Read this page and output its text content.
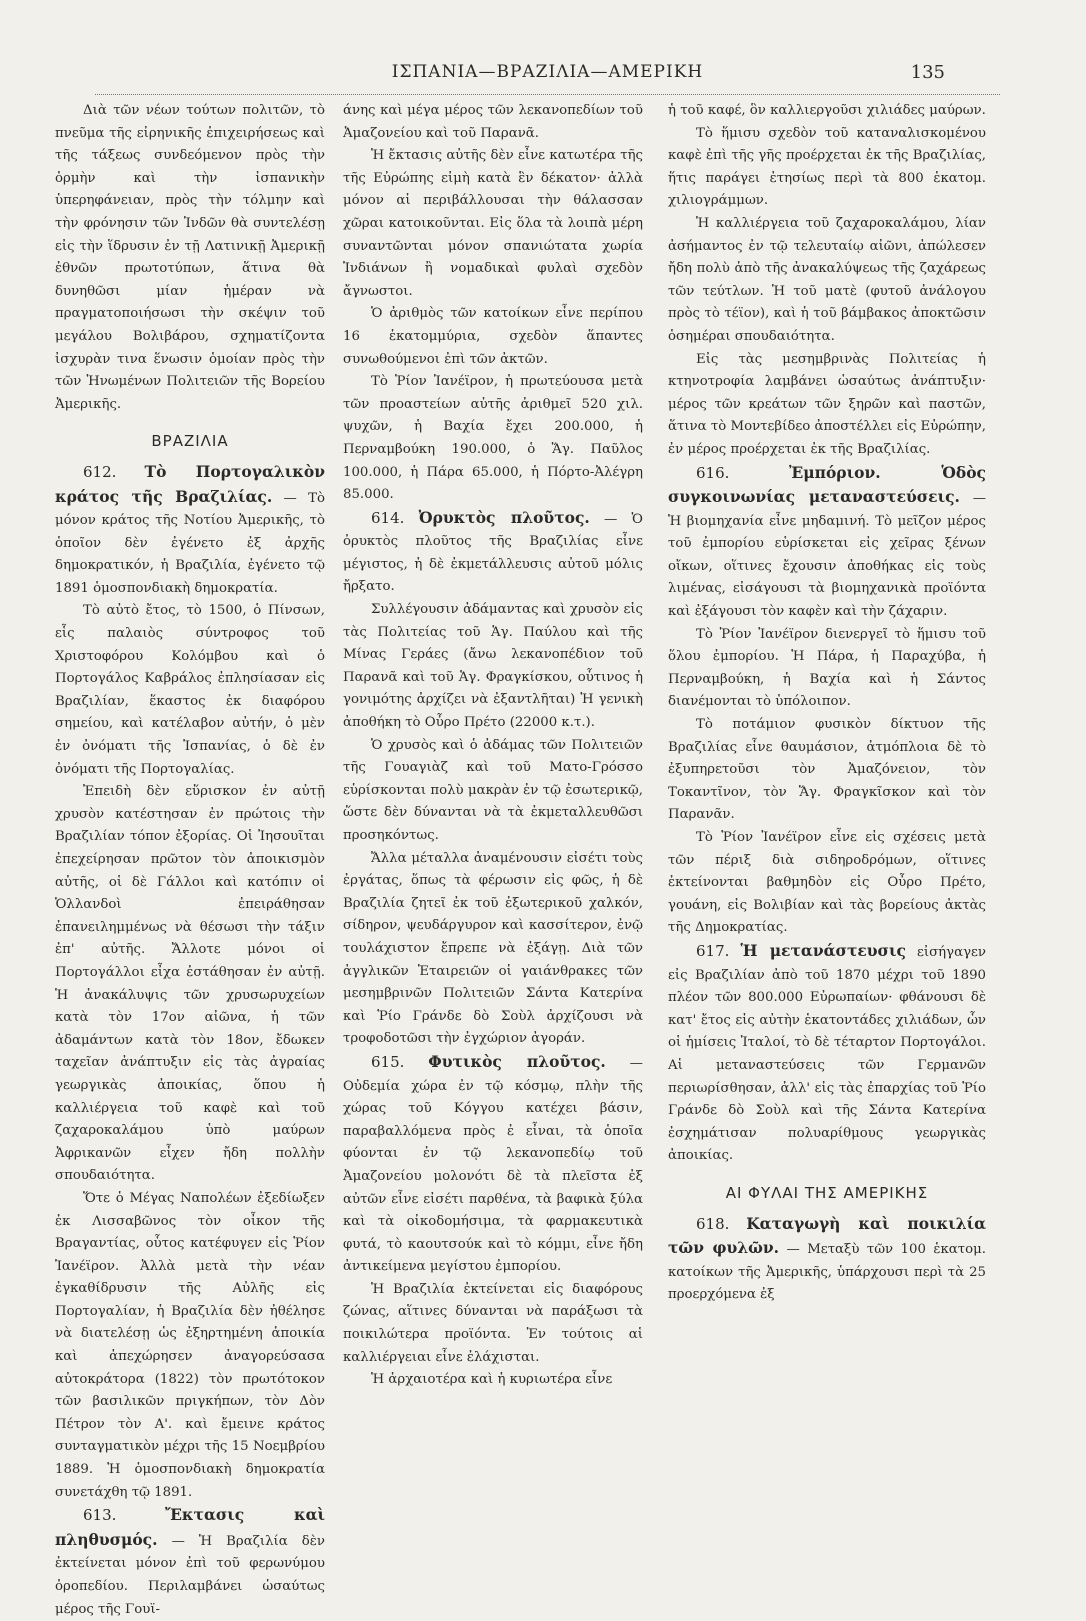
ΙΣΠΑΝΙΑ—ΒΡΑΖΙΛΙΑ—ΑΜΕΡΙΚΗ	135

Διὰ τῶν νέων τούτων πολιτῶν, τὸ πνεῦμα τῆς εἰρηνικῆς ἐπιχειρήσεως καὶ τῆς τάξεως συνδεόμενον πρὸς τὴν ὁρμὴν καὶ τὴν ἰσπανικὴν ὑπερηφάνειαν, πρὸς τὴν τόλμην καὶ τὴν φρόνησιν τῶν Ἰνδῶν θὰ συντελέσῃ εἰς τὴν ἵδρυσιν ἐν τῇ Λατινικῇ Ἀμερικῇ ἐθνῶν πρωτοτύπων, ἅτινα θὰ δυνηθῶσι μίαν ἡμέραν νὰ πραγματοποιήσωσι τὴν σκέψιν τοῦ μεγάλου Βολιβάρου, σχηματίζοντα ἰσχυρὰν τινα ἕνωσιν ὁμοίαν πρὸς τὴν τῶν Ἡνωμένων Πολιτειῶν τῆς Βορείου Ἀμερικῆς.

ΒΡΑΖΙΛΙΑ

612. Τὸ Πορτογαλικὸν κράτος τῆς Βραζιλίας. — Τὸ μόνον κράτος τῆς Νοτίου Ἀμερικῆς, τὸ ὁποῖον δὲν ἐγένετο ἐξ ἀρχῆς δημοκρατικόν, ἡ Βραζιλία, ἐγένετο τῷ 1891 ὁμοσπονδιακὴ δημοκρατία.

Τὸ αὐτὸ ἔτος, τὸ 1500, ὁ Πίνσων, εἷς παλαιὸς σύντροφος τοῦ Χριστοφόρου Κολόμβου καὶ ὁ Πορτογάλος Καβράλος ἐπλησίασαν εἰς Βραζιλίαν, ἕκαστος ἐκ διαφόρου σημείου, καὶ κατέλαβον αὐτήν, ὁ μὲν ἐν ὀνόματι τῆς Ἰσπανίας, ὁ δὲ ἐν ὀνόματι τῆς Πορτογαλίας.

Ἐπειδὴ δὲν εὕρισκον ἐν αὐτῇ χρυσὸν κατέστησαν ἐν πρώτοις τὴν Βραζιλίαν τόπον ἐξορίας. Οἱ Ἰησουῖται ἐπεχείρησαν πρῶτον τὸν ἀποικισμὸν αὐτῆς, οἱ δὲ Γάλλοι καὶ κατόπιν οἱ Ὁλλανδοὶ ἐπειράθησαν ἐπανειλημμένως νὰ θέσωσι τὴν τάξιν ἐπ' αὐτῆς. Ἄλλοτε μόνοι οἱ Πορτογάλλοι εἶχα ἐστάθησαν ἐν αὐτῇ. Ἡ ἀνακάλυψις τῶν χρυσωρυχείων κατὰ τὸν 17ον αἰῶνα, ἡ τῶν ἀδαμάντων κατὰ τὸν 18ον, ἔδωκεν ταχεῖαν ἀνάπτυξιν εἰς τὰς ἀγραίας γεωργικὰς ἀποικίας, ὅπου ἡ καλλιέργεια τοῦ καφὲ καὶ τοῦ ζαχαροκαλάμου ὑπὸ μαύρων Ἀφρικανῶν εἶχεν ἤδη πολλὴν σπουδαιότητα.

Ὅτε ὁ Μέγας Ναπολέων ἐξεδίωξεν ἐκ Λισσαβῶνος τὸν οἶκον τῆς Βραγαντίας, οὗτος κατέφυγεν εἰς Ῥίον Ἰανέϊρον. Ἀλλὰ μετὰ τὴν νέαν ἐγκαθίδρυσιν τῆς Αὐλῆς εἰς Πορτογαλίαν, ἡ Βραζιλία δὲν ἠθέλησε νὰ διατελέσῃ ὡς ἐξηρτημένη ἀποικία καὶ ἀπεχώρησεν ἀναγορεύσασα αὐτοκράτορα (1822) τὸν πρωτότοκον τῶν βασιλικῶν πριγκήπων, τὸν Δὸν Πέτρον τὸν Α'. καὶ ἔμεινε κράτος συνταγματικὸν μέχρι τῆς 15 Νοεμβρίου 1889. Ἡ ὁμοσπονδιακὴ δημοκρατία συνετάχθη τῷ 1891.

613.	Ἔκτασις καὶ πληθυσμός. — Ἡ Βραζιλία δὲν ἐκτείνεται μόνον ἐπὶ τοῦ φερωνύμου ὀροπεδίου. Περιλαμβάνει ὡσαύτως μέρος τῆς Γουϊ-

άνης καὶ μέγα μέρος τῶν λεκανοπεδίων τοῦ Ἀμαζονείου καὶ τοῦ Παρανᾶ.

Ἡ ἔκτασις αὐτῆς δὲν εἶνε κατωτέρα τῆς τῆς Εὐρώπης εἰμὴ κατὰ ἓν δέκατον· ἀλλὰ μόνον αἱ περιβάλλουσαι τὴν θάλασσαν χῶραι κατοικοῦνται. Εἰς ὅλα τὰ λοιπὰ μέρη συναντῶνται μόνον σπανιώτατα χωρία Ἰνδιάνων ἢ νομαδικαὶ φυλαὶ σχεδὸν ἄγνωστοι.

Ὁ ἀριθμὸς τῶν κατοίκων εἶνε περίπου 16 ἑκατομμύρια, σχεδὸν ἅπαντες συνωθούμενοι ἐπὶ τῶν ἀκτῶν.

Τὸ Ῥίον Ἰανέϊρον, ἡ πρωτεύουσα μετὰ τῶν προαστείων αὐτῆς ἀριθμεῖ 520 χιλ. ψυχῶν, ἡ Βαχία ἔχει 200.000, ἡ Περναμβούκη 190.000, ὁ Ἅγ. Παῦλος 100.000, ἡ Πάρα 65.000, ἡ Πόρτο-Ἀλέγρη 85.000.

614. Ὀρυκτὸς πλοῦτος. — Ὁ ὀρυκτὸς πλοῦτος τῆς Βραζιλίας εἶνε μέγιστος, ἡ δὲ ἐκμετάλλευσις αὐτοῦ μόλις ἤρξατο.

Συλλέγουσιν ἀδάμαντας καὶ χρυσὸν εἰς τὰς Πολιτείας τοῦ Ἁγ. Παύλου καὶ τῆς Μίνας Γεράες (ἄνω λεκανοπέδιον τοῦ Παρανᾶ καὶ τοῦ Ἁγ. Φραγκίσκου, οὗτινος ἡ γονιμότης ἀρχίζει νὰ ἐξαντλῆται) Ἡ γενικὴ ἀποθήκη τὸ Οὖρο Πρέτο (22000 κ.τ.).

Ὁ χρυσὸς καὶ ὁ ἀδάμας τῶν Πολιτειῶν τῆς Γουαγιὰζ καὶ τοῦ Ματο-Γρόσσο εὑρίσκονται πολὺ μακρὰν ἐν τῷ ἐσωτερικῷ, ὥστε δὲν δύνανται νὰ τὰ ἐκμεταλλευθῶσι προσηκόντως.

Ἄλλα μέταλλα ἀναμένουσιν εἰσέτι τοὺς ἐργάτας, ὅπως τὰ φέρωσιν εἰς φῶς, ἡ δὲ Βραζιλία ζητεῖ ἐκ τοῦ ἐξωτερικοῦ χαλκόν, σίδηρον, ψευδάργυρον καὶ κασσίτερον, ἐνῷ τουλάχιστον ἔπρεπε νὰ ἐξάγῃ. Διὰ τῶν ἀγγλικῶν Ἑταιρειῶν οἱ γαιάνθρακες τῶν μεσημβρινῶν Πολιτειῶν Σάντα Κατερίνα καὶ Ῥίο Γράνδε δὸ Σοὺλ ἀρχίζουσι νὰ τροφοδοτῶσι τὴν ἐγχώριον ἀγοράν.

615. Φυτικὸς πλοῦτος. — Οὐδεμία χώρα ἐν τῷ κόσμῳ, πλὴν τῆς χώρας τοῦ Κόγγου κατέχει βάσιν, παραβαλλόμενα πρὸς ἐ εἶναι, τὰ ὁποῖα φύονται ἐν τῷ λεκανοπεδίῳ τοῦ Ἀμαζονείου μολονότι δὲ τὰ πλεῖστα ἐξ αὐτῶν εἶνε εἰσέτι παρθένα, τὰ βαφικὰ ξύλα καὶ τὰ οἰκοδομήσιμα, τὰ φαρμακευτικὰ φυτά, τὸ καουτσούκ καὶ τὸ κόμμι, εἶνε ἤδη ἀντικείμενα μεγίστου ἐμπορίου.

Ἡ Βραζιλία ἐκτείνεται εἰς διαφόρους ζώνας, αἵτινες δύνανται νὰ παράξωσι τὰ ποικιλώτερα προϊόντα. Ἐν τούτοις αἱ καλλιέργειαι εἶνε ἐλάχισται.

Ἡ ἀρχαιοτέρα καὶ ἡ κυριωτέρα εἶνε

ἡ τοῦ καφέ, ὃν καλλιεργοῦσι χιλιάδες μαύρων.

Τὸ ἥμισυ σχεδὸν τοῦ καταναλισκομένου καφὲ ἐπὶ τῆς γῆς προέρχεται ἐκ τῆς Βραζιλίας, ἥτις παράγει ἐτησίως περὶ τὰ 800 ἑκατομ. χιλιογράμμων.

Ἡ καλλιέργεια τοῦ ζαχαροκαλάμου, λίαν ἀσήμαντος ἐν τῷ τελευταίῳ αἰῶνι, ἀπώλεσεν ἤδη πολὺ ἀπὸ τῆς ἀνακαλύψεως τῆς ζαχάρεως τῶν τεύτλων. Ἡ τοῦ ματὲ (φυτοῦ ἀνάλογου πρὸς τὸ τέϊον), καὶ ἡ τοῦ βάμβακος ἀποκτῶσιν ὁσημέραι σπουδαιότητα.

Εἰς τὰς μεσημβρινὰς Πολιτείας ἡ κτηνοτροφία λαμβάνει ὡσαύτως ἀνάπτυξιν· μέρος τῶν κρεάτων τῶν ξηρῶν καὶ παστῶν, ἅτινα τὸ Μοντεβίδεο ἀποστέλλει εἰς Εὐρώπην, ἐν μέρος προέρχεται ἐκ τῆς Βραζιλίας.

616.	Ἐμπόριον. Ὁδὸς συγκοινωνίας μεταναστεύσεις. — Ἡ βιομηχανία εἶνε μηδαμινή. Τὸ μεῖζον μέρος τοῦ ἐμπορίου εὑρίσκεται εἰς χεῖρας ξένων οἴκων, οἵτινες ἔχουσιν ἀποθήκας εἰς τοὺς λιμένας, εἰσάγουσι τὰ βιομηχανικὰ προϊόντα καὶ ἐξάγουσι τὸν καφὲν καὶ τὴν ζάχαριν.

Τὸ Ῥίον Ἰανέϊρον διενεργεῖ τὸ ἥμισυ τοῦ ὅλου ἐμπορίου. Ἡ Πάρα, ἡ Παραχύβα, ἡ Περναμβούκη, ἡ Βαχία καὶ ἡ Σάντος διανέμονται τὸ ὑπόλοιπον.

Τὸ ποτάμιον φυσικὸν δίκτυον τῆς Βραζιλίας εἶνε θαυμάσιον, ἀτμόπλοια δὲ τὸ ἐξυπηρετοῦσι τὸν Ἀμαζόνειον, τὸν Τοκαντῖνον, τὸν Ἅγ. Φραγκῖσκον καὶ τὸν Παρανᾶν.

Τὸ Ῥίον Ἰανέϊρον εἶνε εἰς σχέσεις μετὰ τῶν πέριξ διὰ σιδηροδρόμων, οἵτινες ἐκτείνονται βαθμηδὸν εἰς Οὖρο Πρέτο, γουάνη, εἰς Βολιβίαν καὶ τὰς βορείους ἀκτὰς τῆς Δημοκρατίας.

617. Ἡ μετανάστευσις εἰσήγαγεν εἰς Βραζιλίαν ἀπὸ τοῦ 1870 μέχρι τοῦ 1890 πλέον τῶν 800.000 Εὐρωπαίων· φθάνουσι δὲ κατ' ἔτος εἰς αὐτὴν ἑκατοντάδες χιλιάδων, ὧν οἱ ἡμίσεις Ἰταλοί, τὸ δὲ τέταρτον Πορτογάλοι. Αἱ μεταναστεύσεις τῶν Γερμανῶν περιωρίσθησαν, ἀλλ' εἰς τὰς ἐπαρχίας τοῦ Ῥίο Γράνδε δὸ Σοὺλ καὶ τῆς Σάντα Κατερίνα ἐσχημάτισαν πολυαρίθμους γεωργικὰς ἀποικίας.

ΑΙ ΦΥΛΑΙ ΤΗΣ ΑΜΕΡΙΚΗΣ

618. Καταγωγὴ καὶ ποικιλία τῶν φυλῶν. — Μεταξὺ τῶν 100 ἑκατομ. κατοίκων τῆς Ἀμερικῆς, ὑπάρχουσι περὶ τὰ 25 προερχόμενα ἐξ
